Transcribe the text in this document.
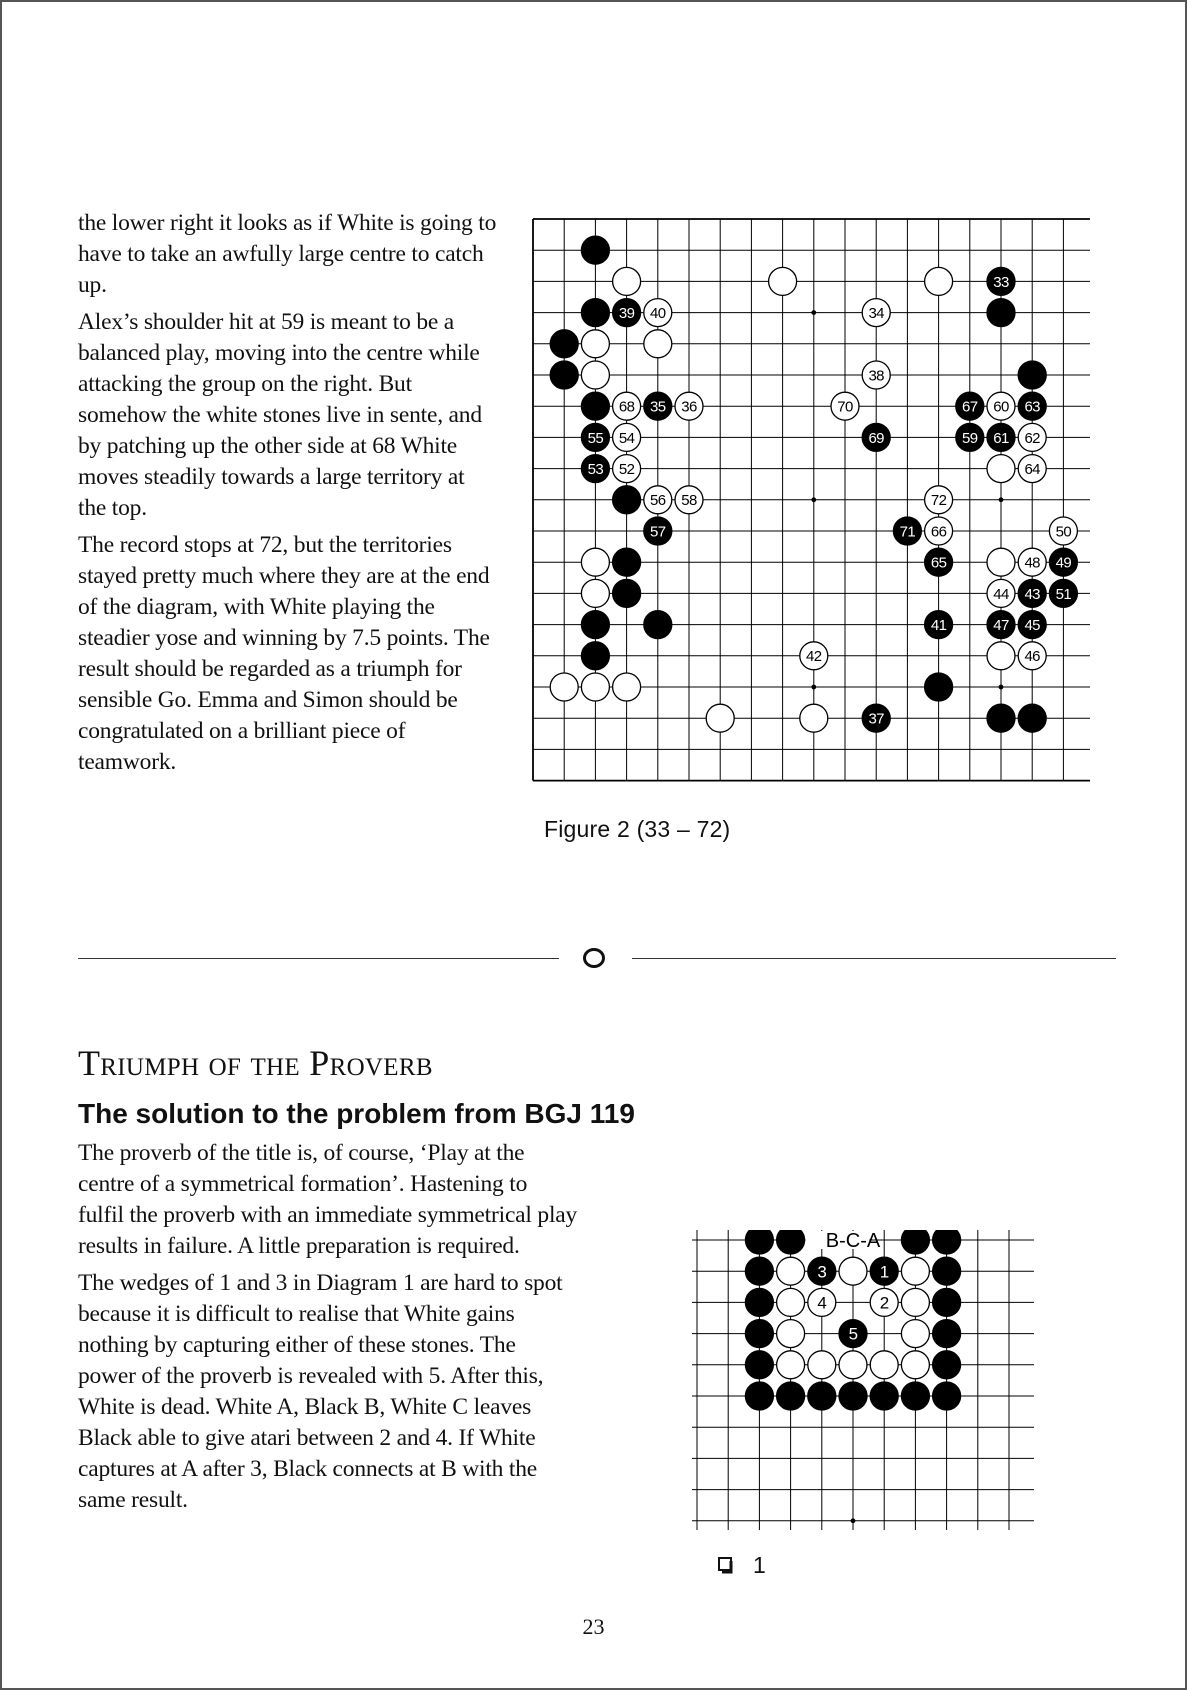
the lower right it looks as if White is going to have to take an awfully large centre to catch up.

Alex’s shoulder hit at 59 is meant to be a balanced play, moving into the centre while attacking the group on the right. But somehow the white stones live in sente, and by patching up the other side at 68 White moves steadily towards a large territory at the top.

The record stops at 72, but the territories stayed pretty much where they are at the end of the diagram, with White playing the steadier yose and winning by 7.5 points. The result should be regarded as a triumph for sensible Go. Emma and Simon should be congratulated on a brilliant piece of teamwork.

33
39 40	34
38
68 35 36	70	67 60 63
55 54	69	59 61 62
53 52	64
56 58	72
57	71 66	50
65	48 49
44 43 51
41	47 45
42	46
37
Figure 2 (33 – 72)
Triumph of the Proverb
The solution to the problem from BGJ 119

The proverb of the title is, of course, ‘Play at the centre of a symmetrical formation’. Hastening to fulfil the proverb with an immediate symmetrical play results in failure. A little preparation is required.

The wedges of 1 and 3 in Diagram 1 are hard to spot because it is difficult to realise that White gains nothing by capturing either of these stones. The power of the proverb is revealed with 5. After this, White is dead. White A, Black B, White C leaves Black able to give atari between 2 and 4. If White captures at A after 3, Black connects at B with the same result.

B-C-A
3	1
4	2
5
1
23
